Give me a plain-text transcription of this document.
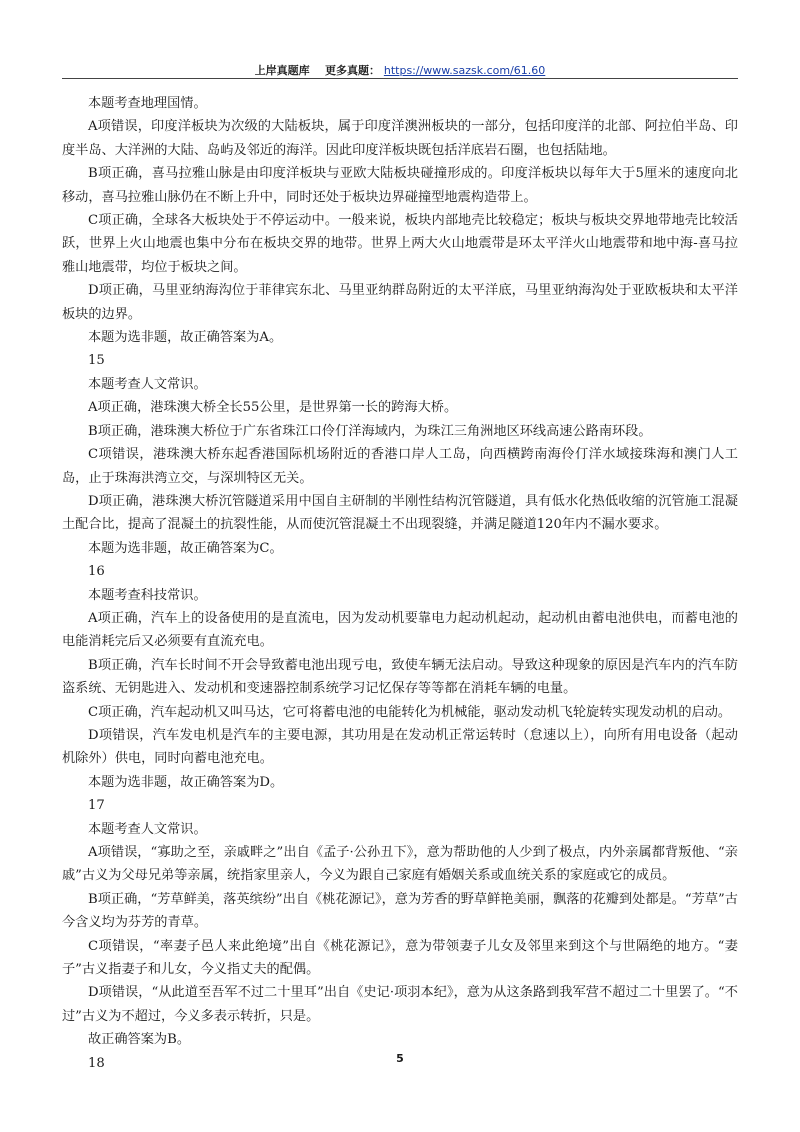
上岸真题库 更多真题： https://www.sazsk.com/61.60

本题考查地理国情。

A项错误，印度洋板块为次级的大陆板块，属于印度洋澳洲板块的一部分，包括印度洋的北部、阿拉伯半岛、印度半岛、大洋洲的大陆、岛屿及邻近的海洋。因此印度洋板块既包括洋底岩石圈，也包括陆地。

B项正确，喜马拉雅山脉是由印度洋板块与亚欧大陆板块碰撞形成的。印度洋板块以每年大于5厘米的速度向北移动，喜马拉雅山脉仍在不断上升中，同时还处于板块边界碰撞型地震构造带上。

C项正确，全球各大板块处于不停运动中。一般来说，板块内部地壳比较稳定；板块与板块交界地带地壳比较活跃，世界上火山地震也集中分布在板块交界的地带。世界上两大火山地震带是环太平洋火山地震带和地中海-喜马拉雅山地震带，均位于板块之间。

D项正确，马里亚纳海沟位于菲律宾东北、马里亚纳群岛附近的太平洋底，马里亚纳海沟处于亚欧板块和太平洋板块的边界。

本题为选非题，故正确答案为A。

15

本题考查人文常识。

A项正确，港珠澳大桥全长55公里，是世界第一长的跨海大桥。

B项正确，港珠澳大桥位于广东省珠江口伶仃洋海域内，为珠江三角洲地区环线高速公路南环段。

C项错误，港珠澳大桥东起香港国际机场附近的香港口岸人工岛，向西横跨南海伶仃洋水域接珠海和澳门人工岛，止于珠海洪湾立交，与深圳特区无关。

D项正确，港珠澳大桥沉管隧道采用中国自主研制的半刚性结构沉管隧道，具有低水化热低收缩的沉管施工混凝土配合比，提高了混凝土的抗裂性能，从而使沉管混凝土不出现裂缝，并满足隧道120年内不漏水要求。

本题为选非题，故正确答案为C。

16

本题考查科技常识。

A项正确，汽车上的设备使用的是直流电，因为发动机要靠电力起动机起动，起动机由蓄电池供电，而蓄电池的电能消耗完后又必须要有直流充电。

B项正确，汽车长时间不开会导致蓄电池出现亏电，致使车辆无法启动。导致这种现象的原因是汽车内的汽车防盗系统、无钥匙进入、发动机和变速器控制系统学习记忆保存等等都在消耗车辆的电量。

C项正确，汽车起动机又叫马达，它可将蓄电池的电能转化为机械能，驱动发动机飞轮旋转实现发动机的启动。

D项错误，汽车发电机是汽车的主要电源，其功用是在发动机正常运转时（怠速以上），向所有用电设备（起动机除外）供电，同时向蓄电池充电。

本题为选非题，故正确答案为D。

17

本题考查人文常识。

A项错误，“寡助之至，亲戚畔之”出自《孟子·公孙丑下》，意为帮助他的人少到了极点，内外亲属都背叛他、“亲戚”古义为父母兄弟等亲属，统指家里亲人，今义为跟自己家庭有婚姻关系或血统关系的家庭或它的成员。

B项正确，“芳草鲜美，落英缤纷”出自《桃花源记》，意为芳香的野草鲜艳美丽，飘落的花瓣到处都是。“芳草”古今含义均为芬芳的青草。

C项错误，“率妻子邑人来此绝境”出自《桃花源记》，意为带领妻子儿女及邻里来到这个与世隔绝的地方。“妻子”古义指妻子和儿女，今义指丈夫的配偶。

D项错误，“从此道至吾军不过二十里耳”出自《史记·项羽本纪》，意为从这条路到我军营不超过二十里罢了。“不过”古义为不超过，今义多表示转折，只是。

故正确答案为B。

18	5
